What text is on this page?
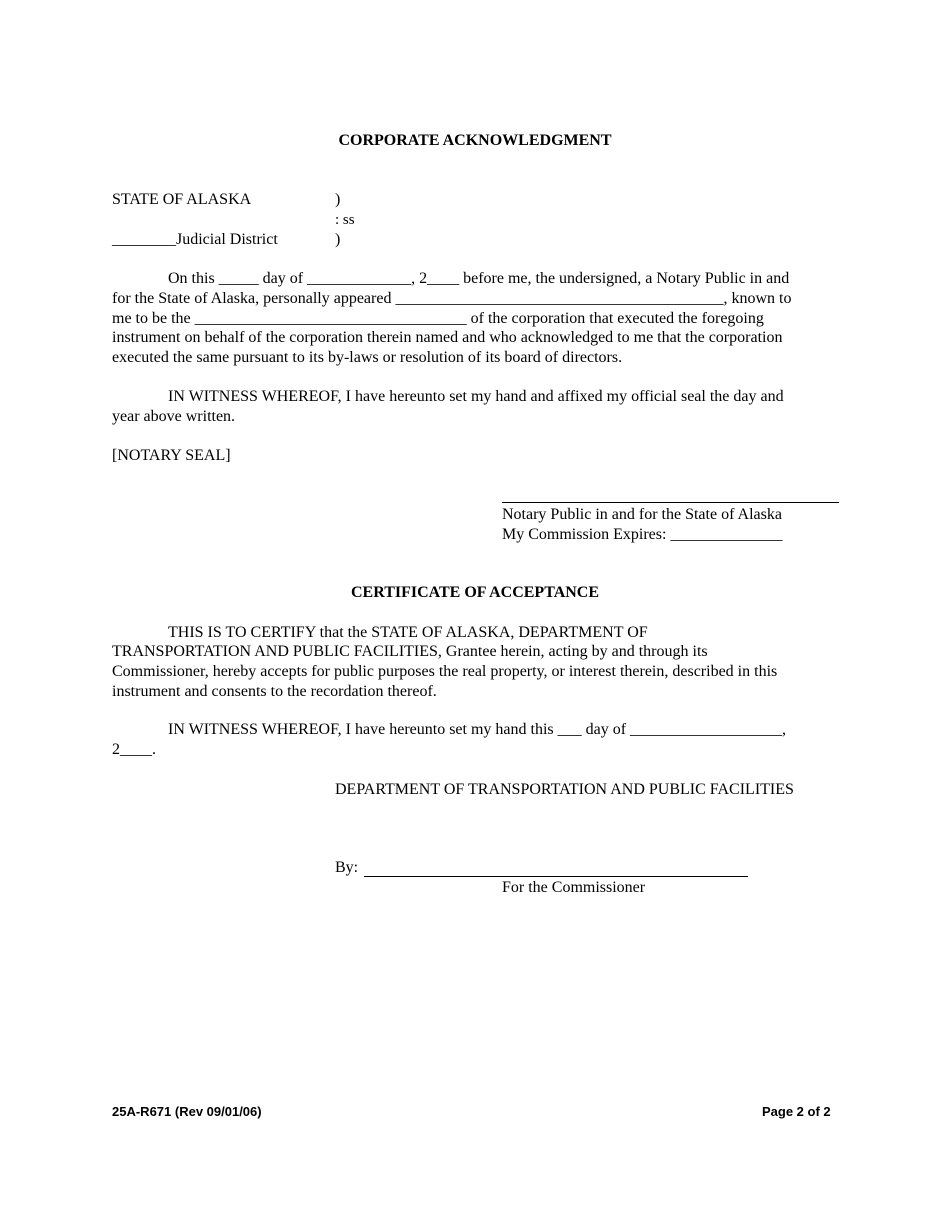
CORPORATE ACKNOWLEDGMENT
STATE OF ALASKA	)
: ss
________Judicial District	)
On this _____ day of _____________, 2____ before me, the undersigned, a Notary Public in and
for the State of Alaska, personally appeared _________________________________________, known to
me to be the __________________________________ of the corporation that executed the foregoing
instrument on behalf of the corporation therein named and who acknowledged to me that the corporation
executed the same pursuant to its by-laws or resolution of its board of directors.
IN WITNESS WHEREOF, I have hereunto set my hand and affixed my official seal the day and
year above written.
[NOTARY SEAL]
Notary Public in and for the State of Alaska
My Commission Expires: ______________
CERTIFICATE OF ACCEPTANCE
THIS IS TO CERTIFY that the STATE OF ALASKA, DEPARTMENT OF
TRANSPORTATION AND PUBLIC FACILITIES, Grantee herein, acting by and through its
Commissioner, hereby accepts for public purposes the real property, or interest therein, described in this
instrument and consents to the recordation thereof.
IN WITNESS WHEREOF, I have hereunto set my hand this ___ day of ___________________,
2____.
DEPARTMENT OF TRANSPORTATION AND PUBLIC FACILITIES
By:
For the Commissioner
25A-R671 (Rev 09/01/06)	Page 2 of 2
